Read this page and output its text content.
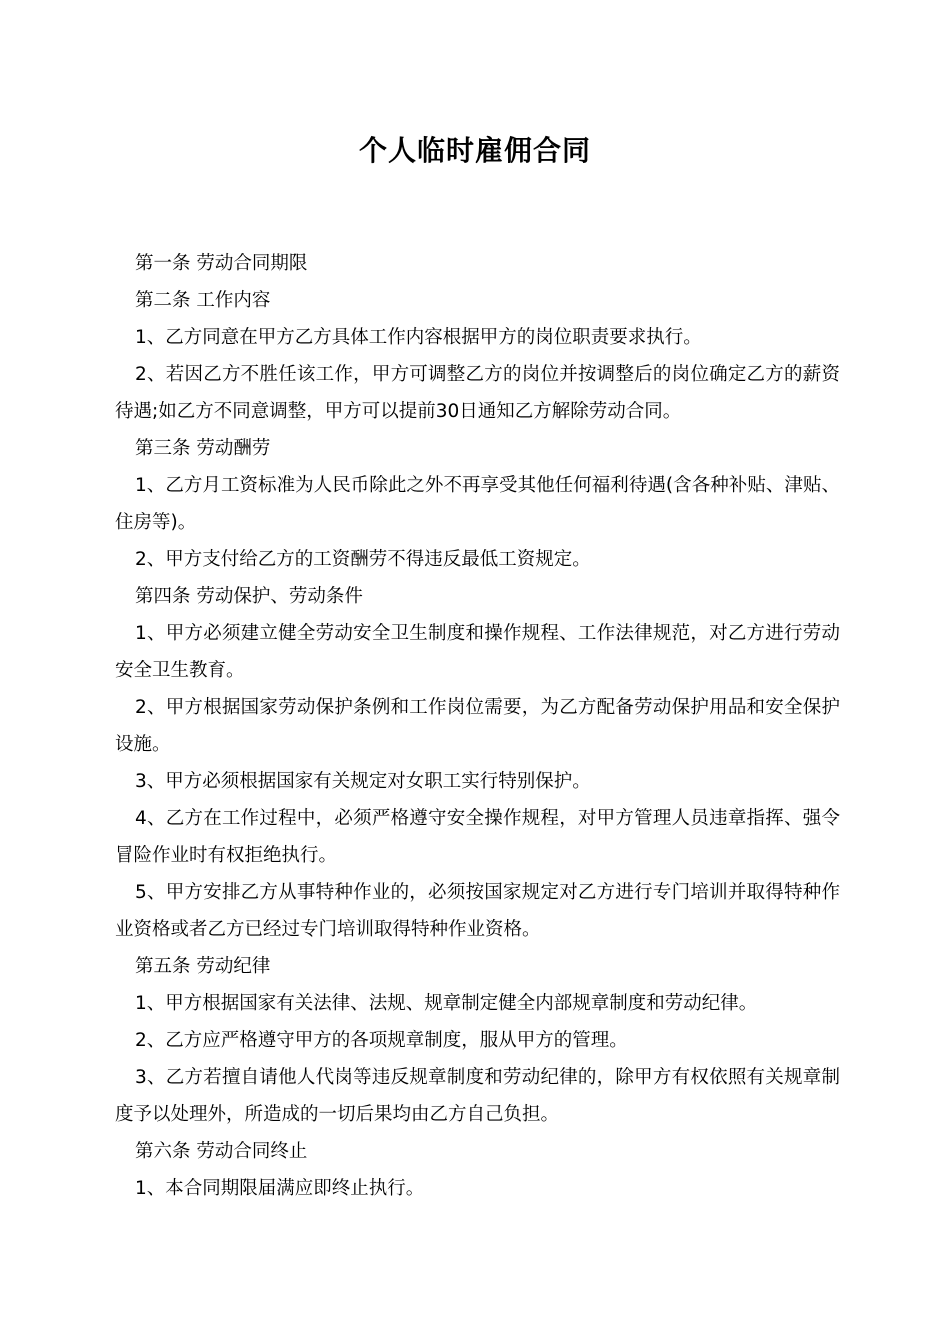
个人临时雇佣合同

第一条 劳动合同期限

第二条 工作内容

1、乙方同意在甲方乙方具体工作内容根据甲方的岗位职责要求执行。

2、若因乙方不胜任该工作，甲方可调整乙方的岗位并按调整后的岗位确定乙方的薪资待遇;如乙方不同意调整，甲方可以提前30日通知乙方解除劳动合同。

第三条 劳动酬劳

1、乙方月工资标准为人民币除此之外不再享受其他任何福利待遇(含各种补贴、津贴、住房等)。

2、甲方支付给乙方的工资酬劳不得违反最低工资规定。

第四条 劳动保护、劳动条件

1、甲方必须建立健全劳动安全卫生制度和操作规程、工作法律规范，对乙方进行劳动安全卫生教育。

2、甲方根据国家劳动保护条例和工作岗位需要，为乙方配备劳动保护用品和安全保护设施。

3、甲方必须根据国家有关规定对女职工实行特别保护。

4、乙方在工作过程中，必须严格遵守安全操作规程，对甲方管理人员违章指挥、强令冒险作业时有权拒绝执行。

5、甲方安排乙方从事特种作业的，必须按国家规定对乙方进行专门培训并取得特种作业资格或者乙方已经过专门培训取得特种作业资格。

第五条 劳动纪律

1、甲方根据国家有关法律、法规、规章制定健全内部规章制度和劳动纪律。

2、乙方应严格遵守甲方的各项规章制度，服从甲方的管理。

3、乙方若擅自请他人代岗等违反规章制度和劳动纪律的，除甲方有权依照有关规章制度予以处理外，所造成的一切后果均由乙方自己负担。

第六条 劳动合同终止

1、本合同期限届满应即终止执行。
